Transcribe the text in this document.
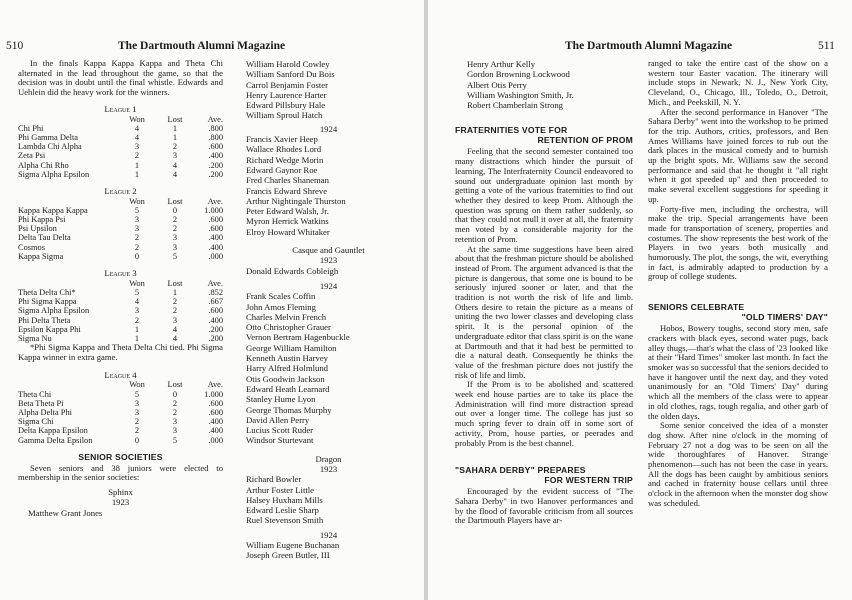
510	The Dartmouth Alumni Magazine

In the finals Kappa Kappa Kappa and Theta Chi alternated in the lead throughout the game, so that the decision was in doubt until the final whistle. Edwards and Uehlein did the heavy work for the winners.

League 1
	Won	Lost	Ave.
Chi Phi	4	1	.800
Phi Gamma Delta	4	1	.800
Lambda Chi Alpha	3	2	.600
Zeta Psi	2	3	.400
Alpha Chi Rho	1	4	.200
Sigma Alpha Epsilon	1	4	.200
League 2
	Won	Lost	Ave.
Kappa Kappa Kappa	5	0	1.000
Phi Kappa Psi	3	2	.600
Psi Upsilon	3	2	.600
Delta Tau Delta	2	3	.400
Cosmos	2	3	.400
Kappa Sigma	0	5	.000
League 3
	Won	Lost	Ave.
Theta Delta Chi*	5	1	.852
Phi Sigma Kappa	4	2	.667
Sigma Alpha Epsilon	3	2	.600
Phi Delta Theta	2	3	.400
Epsilon Kappa Phi	1	4	.200
Sigma Nu	1	4	.200

*Phi Sigma Kappa and Theta Delta Chi tied. Phi Sigma Kappa winner in extra game.

League 4
	Won	Lost	Ave.
Theta Chi	5	0	1.000
Beta Theta Pi	3	2	.600
Alpha Delta Phi	3	2	.600
Sigma Chi	2	3	.400
Delta Kappa Epsilon	2	3	.400
Gamma Delta Epsilon	0	5	.000
SENIOR SOCIETIES

Seven seniors and 38 juniors were elected to membership in the senior societies:

Sphinx
1923
Matthew Grant Jones
William Harold Cowley
William Sanford Du Bois
Carrol Benjamin Foster
Henry Laurence Harter
Edward Pillsbury Hale
William Sproul Hatch
1924
Francis Xavier Heep
Wallace Rhodes Lord
Richard Wedge Morin
Edward Gaynor Roe
Fred Charles Shaneman
Francis Edward Shreve
Arthur Nightingale Thurston
Peter Edward Walsh, Jr.
Myron Herrick Watkins
Elroy Howard Whitaker
Casque and Gauntlet
1923
Donald Edwards Cobleigh
1924
Frank Scales Coffin
John Amos Fleming
Charles Melvin French
Otto Christopher Grauer
Vernon Bertram Hagenbuckle
George William Hamilton
Kenneth Austin Harvey
Harry Alfred Holmlund
Otis Goodwin Jackson
Edward Heath Learnard
Stanley Hume Lyon
George Thomas Murphy
David Allen Perry
Lucius Scott Ruder
Windsor Sturtevant
Dragon
1923
Richard Bowler
Arthur Foster Little
Halsey Huxham Mills
Edward Leslie Sharp
Ruel Stevenson Smith
1924
William Eugene Buchanan
Joseph Green Butler, III
The Dartmouth Alumni Magazine	511
Henry Arthur Kelly
Gordon Browning Lockwood
Albert Otis Perry
William Washington Smith, Jr.
Robert Chamberlain Strong
FRATERNITIES VOTE FOR
RETENTION OF PROM

Feeling that the second semester contained too many distractions which hinder the pursuit of learning, The Interfraternity Council endeavored to sound out undergraduate opinion last month by getting a vote of the various fraternities to find out whether they desired to keep Prom. Although the question was sprung on them rather suddenly, so that they could not mull it over at all, the fraternity men voted by a considerable majority for the retention of Prom.

At the same time suggestions have been aired about that the freshman picture should be abolished instead of Prom. The argument advanced is that the picture is dangerous, that some one is bound to be seriously injured sooner or later, and that the tradition is not worth the risk of life and limb. Others desire to retain the picture as a means of uniting the two lower classes and developing class spirit. It is the personal opinion of the undergraduate editor that class spirit is on the wane at Dartmouth and that it had best be permitted to die a natural death. Consequently he thinks the value of the freshman picture does not justify the risk of life and limb.

If the Prom is to be abolished and scattered week end house parties are to take its place the Administration will find more distraction spread out over a longer time. The college has just so much spring fever to drain off in some sort of activity. Prom, house parties, or peerades and probably Prom is the best channel.

"SAHARA DERBY" PREPARES
FOR WESTERN TRIP

Encouraged by the evident success of "The Sahara Derby" in two Hanover performances and by the flood of favorable criticism from all sources the Dartmouth Players have ar-

ranged to take the entire cast of the show on a western tour Easter vacation. The itinerary will include stops in Newark, N. J., New York City, Cleveland, O., Chicago, Ill., Toledo, O., Detroit, Mich., and Peekskill, N. Y.

After the second performance in Hanover "The Sahara Derby" went into the workshop to be primed for the trip. Authors, critics, professors, and Ben Ames Williams have joined forces to rub out the dark places in the musical comedy and to burnish up the bright spots. Mr. Williams saw the second performance and said that he thought it "all right when it got speeded up" and then proceeded to make several excellent suggestions for speeding it up.

Forty-five men, including the orchestra, will make the trip. Special arrangements have been made for transportation of scenery, properties and costumes. The show represents the best work of the Players in two years both musically and humorously. The plot, the songs, the wit, everything in fact, is admirably adapted to production by a group of college students.

SENIORS CELEBRATE
"OLD TIMERS' DAY"

Hobos, Bowery toughs, second story men, safe crackers with black eyes, second water pugs, back alley thugs,—that's what the class of '23 looked like at their "Hard Times" smoker last month. In fact the smoker was so successful that the seniors decided to have it hangover until the next day, and they voted unanimously for an "Old Timers' Day" during which all the members of the class were to appear in old clothes, rags, tough regalia, and other garb of the olden days.

Some senior conceived the idea of a monster dog show. After nine o'clock in the morning of February 27 not a dog was to be seen on all the wide thoroughfares of Hanover. Strange phenomenon—such has not been the case in years. All the dogs has been caught by ambitious seniors and cached in fraternity house cellars until three o'clock in the afternoon when the monster dog show was scheduled.
